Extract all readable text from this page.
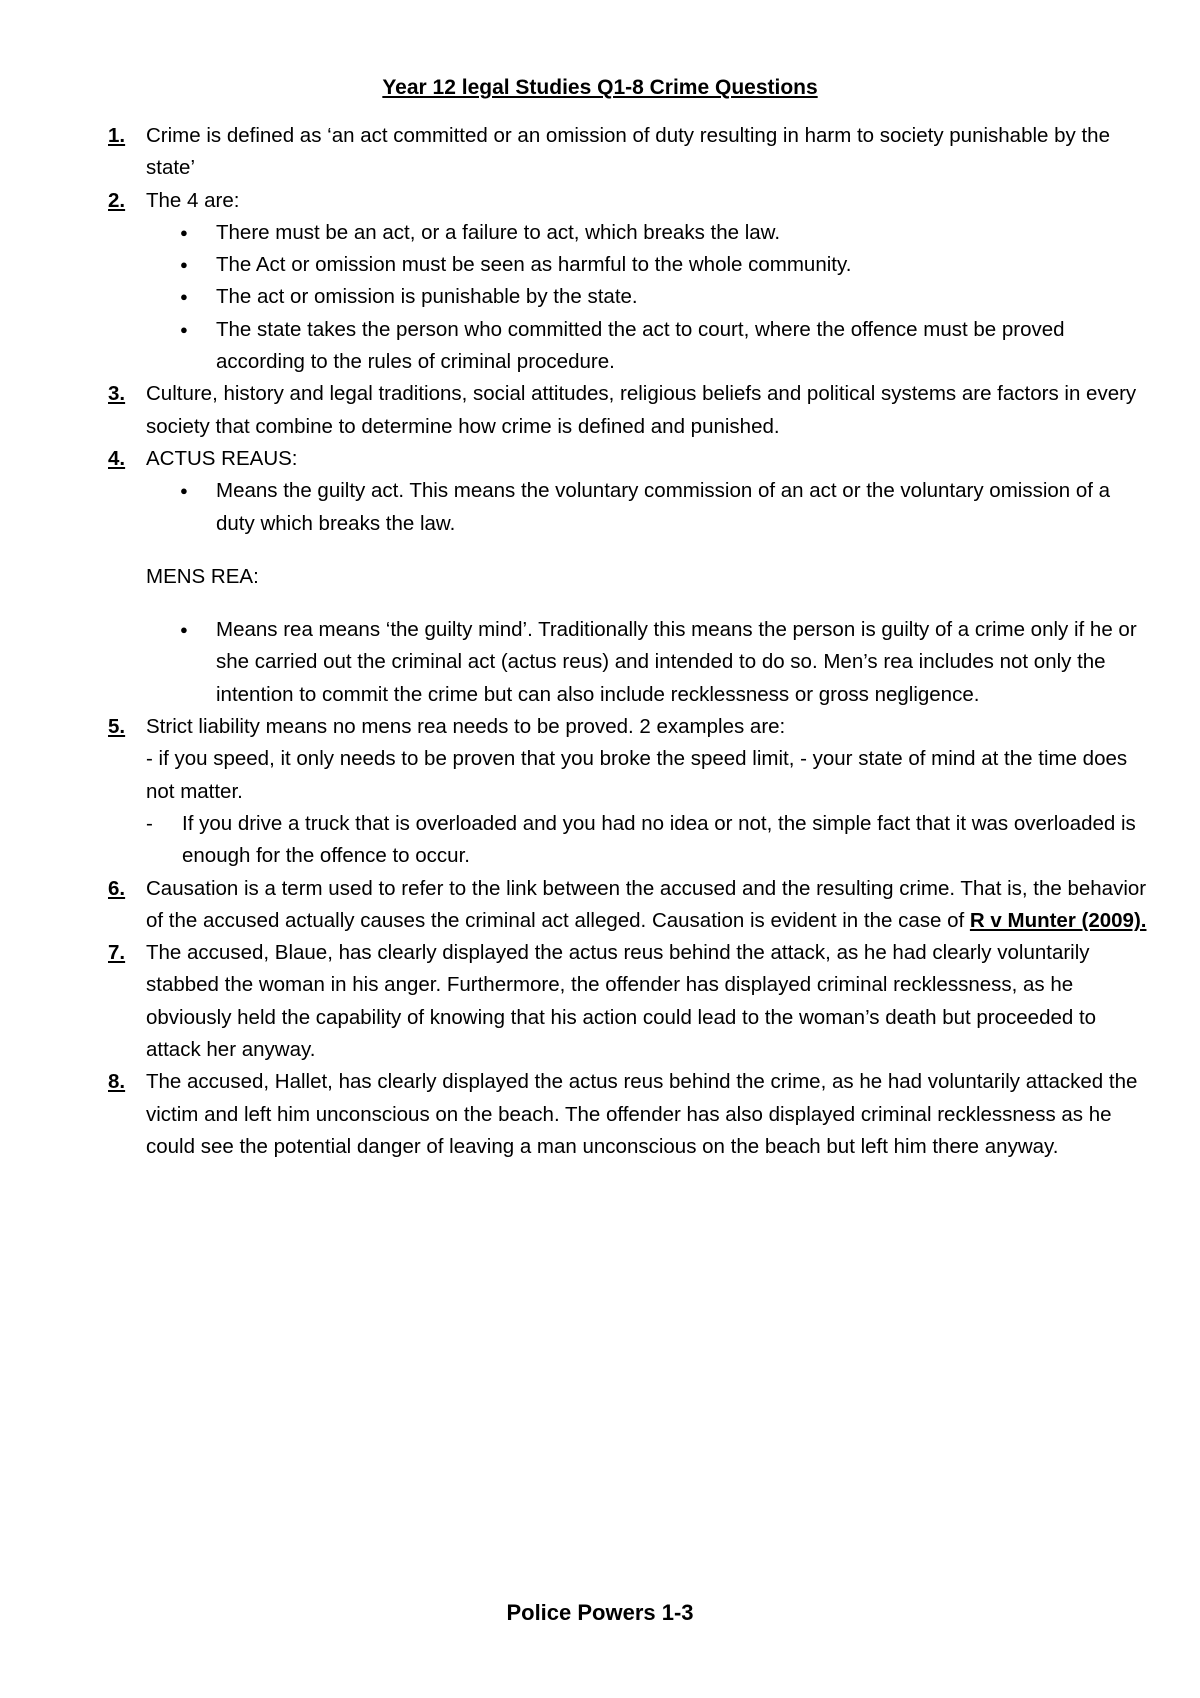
Year 12 legal Studies Q1-8 Crime Questions
1. Crime is defined as ‘an act committed or an omission of duty resulting in harm to society punishable by the state’
2. The 4 are:
● There must be an act, or a failure to act, which breaks the law.
● The Act or omission must be seen as harmful to the whole community.
● The act or omission is punishable by the state.
● The state takes the person who committed the act to court, where the offence must be proved according to the rules of criminal procedure.
3. Culture, history and legal traditions, social attitudes, religious beliefs and political systems are factors in every society that combine to determine how crime is defined and punished.
4. ACTUS REAUS:
● Means the guilty act. This means the voluntary commission of an act or the voluntary omission of a duty which breaks the law.
MENS REA:
● Means rea means ‘the guilty mind’. Traditionally this means the person is guilty of a crime only if he or she carried out the criminal act (actus reus) and intended to do so. Men’s rea includes not only the intention to commit the crime but can also include recklessness or gross negligence.
5. Strict liability means no mens rea needs to be proved. 2 examples are:
- if you speed, it only needs to be proven that you broke the speed limit, - your state of mind at the time does not matter.
- If you drive a truck that is overloaded and you had no idea or not, the simple fact that it was overloaded is enough for the offence to occur.
6. Causation is a term used to refer to the link between the accused and the resulting crime. That is, the behavior of the accused actually causes the criminal act alleged. Causation is evident in the case of R v Munter (2009).
7. The accused, Blaue, has clearly displayed the actus reus behind the attack, as he had clearly voluntarily stabbed the woman in his anger. Furthermore, the offender has displayed criminal recklessness, as he obviously held the capability of knowing that his action could lead to the woman’s death but proceeded to attack her anyway.
8. The accused, Hallet, has clearly displayed the actus reus behind the crime, as he had voluntarily attacked the victim and left him unconscious on the beach. The offender has also displayed criminal recklessness as he could see the potential danger of leaving a man unconscious on the beach but left him there anyway.
Police Powers 1-3
